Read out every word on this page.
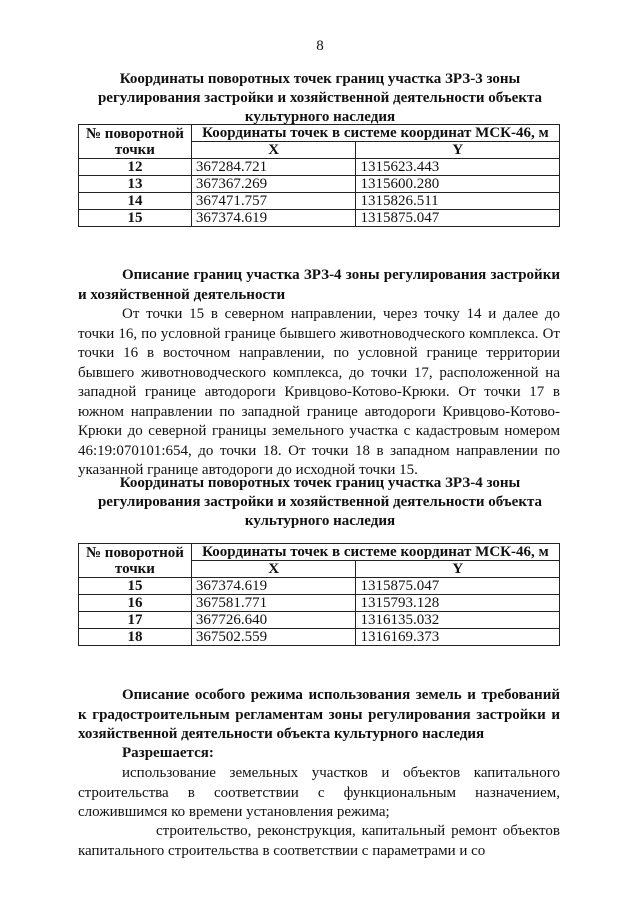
8
Координаты поворотных точек границ участка ЗРЗ-3 зоны регулирования застройки и хозяйственной деятельности объекта культурного наследия
№ поворотной точки	Координаты точек в системе координат МСК-46, м	
	X	Y
12	367284.721	1315623.443
13	367367.269	1315600.280
14	367471.757	1315826.511
15	367374.619	1315875.047
Описание границ участка ЗРЗ-4 зоны регулирования застройки и хозяйственной деятельности
От точки 15 в северном направлении, через точку 14 и далее до точки 16, по условной границе бывшего животноводческого комплекса. От точки 16 в восточном направлении, по условной границе территории бывшего животноводческого комплекса, до точки 17, расположенной на западной границе автодороги Кривцово-Котово-Крюки. От точки 17 в южном направлении по западной границе автодороги Кривцово-Котово-Крюки до северной границы земельного участка с кадастровым номером 46:19:070101:654, до точки 18. От точки 18 в западном направлении по указанной границе автодороги до исходной точки 15.
Координаты поворотных точек границ участка ЗРЗ-4 зоны регулирования застройки и хозяйственной деятельности объекта культурного наследия
№ поворотной точки	Координаты точек в системе координат МСК-46, м	
	X	Y
15	367374.619	1315875.047
16	367581.771	1315793.128
17	367726.640	1316135.032
18	367502.559	1316169.373
Описание особого режима использования земель и требований к градостроительным регламентам зоны регулирования застройки и хозяйственной деятельности объекта культурного наследия
Разрешается:
использование земельных участков и объектов капитального строительства в соответствии с функциональным назначением, сложившимся ко времени установления режима;
строительство, реконструкция, капитальный ремонт объектов капитального строительства в соответствии с параметрами и со
